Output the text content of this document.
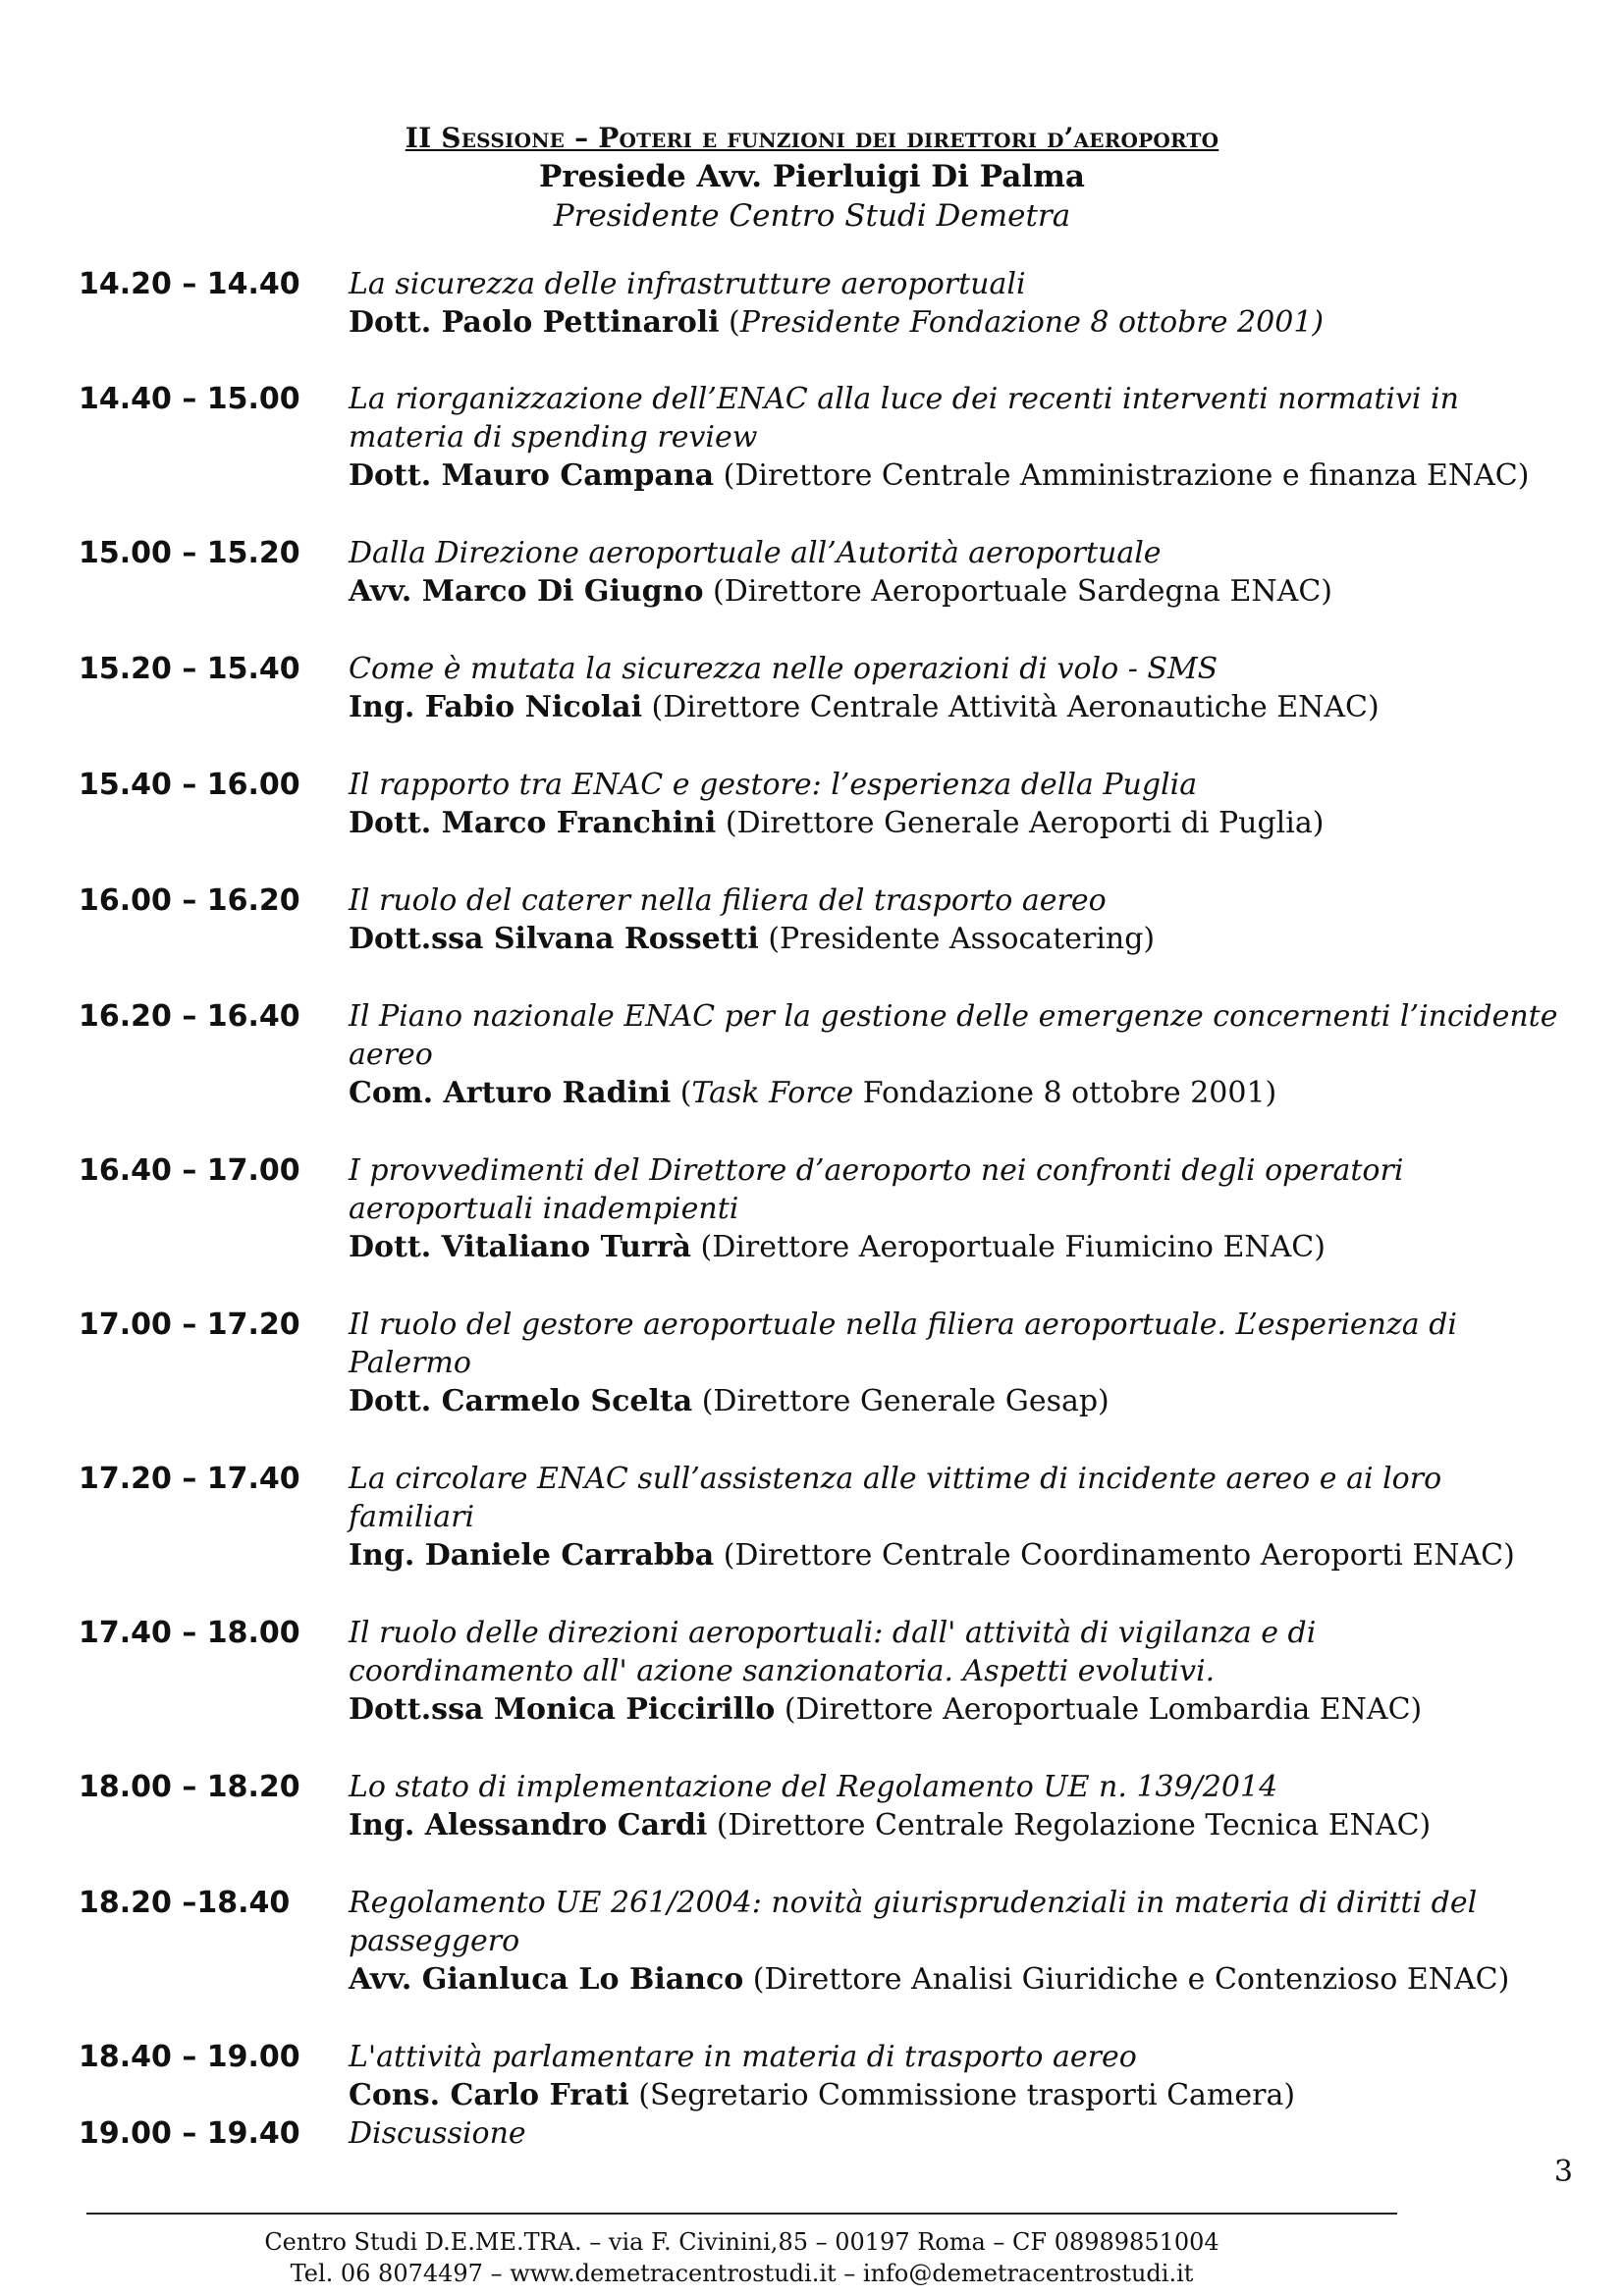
II Sessione – Poteri e funzioni dei direttori d’aeroporto
Presiede Avv. Pierluigi Di Palma
Presidente Centro Studi Demetra
14.20 – 14.40	La sicurezza delle infrastrutture aeroportuali
Dott. Paolo Pettinaroli (Presidente Fondazione 8 ottobre 2001)
14.40 – 15.00	La riorganizzazione dell’ENAC alla luce dei recenti interventi normativi in
materia di spending review
Dott. Mauro Campana (Direttore Centrale Amministrazione e finanza ENAC)
15.00 – 15.20	Dalla Direzione aeroportuale all’Autorità aeroportuale
Avv. Marco Di Giugno (Direttore Aeroportuale Sardegna ENAC)
15.20 – 15.40	Come è mutata la sicurezza nelle operazioni di volo - SMS
Ing. Fabio Nicolai (Direttore Centrale Attività Aeronautiche ENAC)
15.40 – 16.00	Il rapporto tra ENAC e gestore: l’esperienza della Puglia
Dott. Marco Franchini (Direttore Generale Aeroporti di Puglia)
16.00 – 16.20	Il ruolo del caterer nella filiera del trasporto aereo
Dott.ssa Silvana Rossetti (Presidente Assocatering)
16.20 – 16.40	Il Piano nazionale ENAC per la gestione delle emergenze concernenti l’incidente
aereo
Com. Arturo Radini (Task Force Fondazione 8 ottobre 2001)
16.40 – 17.00	I provvedimenti del Direttore d’aeroporto nei confronti degli operatori
aeroportuali inadempienti
Dott. Vitaliano Turrà (Direttore Aeroportuale Fiumicino ENAC)
17.00 – 17.20	Il ruolo del gestore aeroportuale nella filiera aeroportuale. L’esperienza di
Palermo
Dott. Carmelo Scelta (Direttore Generale Gesap)
17.20 – 17.40	La circolare ENAC sull’assistenza alle vittime di incidente aereo e ai loro
familiari
Ing. Daniele Carrabba (Direttore Centrale Coordinamento Aeroporti ENAC)
17.40 – 18.00	Il ruolo delle direzioni aeroportuali: dall' attività di vigilanza e di
coordinamento all' azione sanzionatoria. Aspetti evolutivi.
Dott.ssa Monica Piccirillo (Direttore Aeroportuale Lombardia ENAC)
18.00 – 18.20	Lo stato di implementazione del Regolamento UE n. 139/2014
Ing. Alessandro Cardi (Direttore Centrale Regolazione Tecnica ENAC)
18.20 –18.40	Regolamento UE 261/2004: novità giurisprudenziali in materia di diritti del
passeggero
Avv. Gianluca Lo Bianco (Direttore Analisi Giuridiche e Contenzioso ENAC)
18.40 – 19.00	L'attività parlamentare in materia di trasporto aereo
Cons. Carlo Frati (Segretario Commissione trasporti Camera)
19.00 – 19.40	Discussione
3
Centro Studi D.E.ME.TRA. – via F. Civinini,85 – 00197 Roma – CF 08989851004
Tel. 06 8074497 – www.demetracentrostudi.it – info@demetracentrostudi.it
